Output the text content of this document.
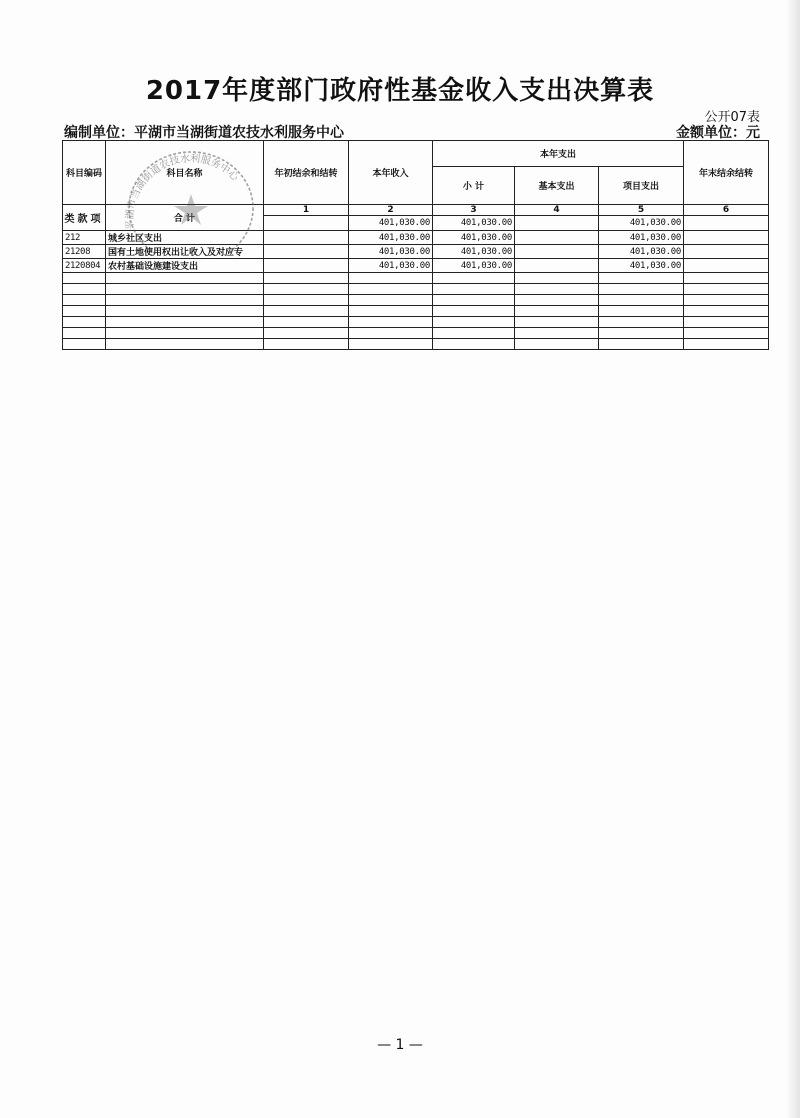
2017年度部门政府性基金收入支出决算表
公开07表
编制单位：平湖市当湖街道农技水利服务中心	金额单位：元
科目编码	科目名称	年初结余和结转	本年收入	本年支出			年末结余结转
				小 计	基本支出	项目支出	
类 款 项	合 计	1	2	3	4	5	6
			401,030.00	401,030.00		401,030.00	
212	城乡社区支出		401,030.00	401,030.00		401,030.00	
21208	国有土地使用权出让收入及对应专		401,030.00	401,030.00		401,030.00	
2120804	农村基础设施建设支出		401,030.00	401,030.00		401,030.00	

平湖市当湖街道农技水利服务中心
— 1 —
